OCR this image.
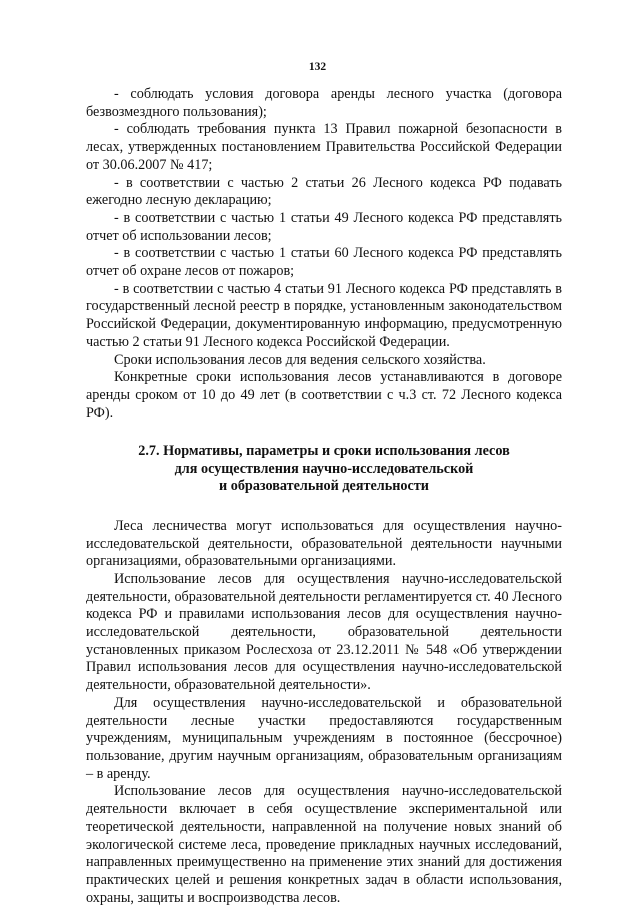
132

- соблюдать условия договора аренды лесного участка (договора безвозмездного пользования);

- соблюдать требования пункта 13 Правил пожарной безопасности в лесах, утвержденных постановлением Правительства Российской Федерации от 30.06.2007 № 417;

- в соответствии с частью 2 статьи 26 Лесного кодекса РФ подавать ежегодно лесную декларацию;

- в соответствии с частью 1 статьи 49 Лесного кодекса РФ представлять отчет об использовании лесов;

- в соответствии с частью 1 статьи 60 Лесного кодекса РФ представлять отчет об охране лесов от пожаров;

- в соответствии с частью 4 статьи 91 Лесного кодекса РФ представлять в государственный лесной реестр в порядке, установленным законодательством Российской Федерации, документированную информацию, предусмотренную частью 2 статьи 91 Лесного кодекса Российской Федерации.

Сроки использования лесов для ведения сельского хозяйства.

Конкретные сроки использования лесов устанавливаются в договоре аренды сроком от 10 до 49 лет (в соответствии с ч.3 ст. 72 Лесного кодекса РФ).

2.7. Нормативы, параметры и сроки использования лесов
для осуществления научно-исследовательской
и образовательной деятельности

Леса лесничества могут использоваться для осуществления научно-исследовательской деятельности, образовательной деятельности научными организациями, образовательными организациями.

Использование лесов для осуществления научно-исследовательской деятельности, образовательной деятельности регламентируется ст. 40 Лесного кодекса РФ и правилами использования лесов для осуществления научно-исследовательской деятельности, образовательной деятельности установленных приказом Рослесхоза от 23.12.2011 № 548 «Об утверждении Правил использования лесов для осуществления научно-исследовательской деятельности, образовательной деятельности».

Для осуществления научно-исследовательской и образовательной деятельности лесные участки предоставляются государственным учреждениям, муниципальным учреждениям в постоянное (бессрочное) пользование, другим научным организациям, образовательным организациям – в аренду.

Использование лесов для осуществления научно-исследовательской деятельности включает в себя осуществление экспериментальной или теоретической деятельности, направленной на получение новых знаний об экологической системе леса, проведение прикладных научных исследований, направленных преимущественно на применение этих знаний для достижения практических целей и решения конкретных задач в области использования, охраны, защиты и воспроизводства лесов.
